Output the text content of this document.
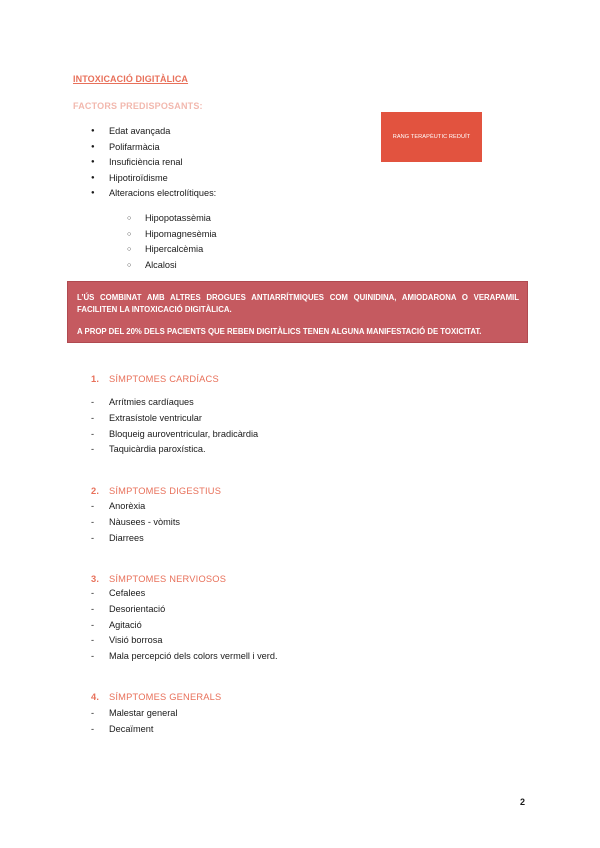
INTOXICACIÓ DIGITÀLICA
FACTORS PREDISPOSANTS:
● Edat avançada
● Polifarmàcia
● Insuficiència renal
● Hipotiroïdisme
● Alteracions electrolítiques:
○ Hipopotassèmia
○ Hipomagnesèmia
○ Hipercalcèmia
○ Alcalosi
RANG TERAPÈUTIC REDUÏT

L’ÚS COMBINAT AMB ALTRES DROGUES ANTIARRÍTMIQUES COM QUINIDINA, AMIODARONA O VERAPAMIL FACILITEN LA INTOXICACIÓ DIGITÀLICA.

A PROP DEL 20% DELS PACIENTS QUE REBEN DIGITÀLICS TENEN ALGUNA MANIFESTACIÓ DE TOXICITAT.

1. SÍMPTOMES CARDÍACS
- Arrítmies cardíaques
- Extrasístole ventricular
- Bloqueig auroventricular, bradicàrdia
- Taquicàrdia paroxística.
2. SÍMPTOMES DIGESTIUS
- Anorèxia
- Nàusees - vòmits
- Diarrees
3. SÍMPTOMES NERVIOSOS
- Cefalees
- Desorientació
- Agitació
- Visió borrosa
- Mala percepció dels colors vermell i verd.
4. SÍMPTOMES GENERALS
- Malestar general
- Decaïment
2
